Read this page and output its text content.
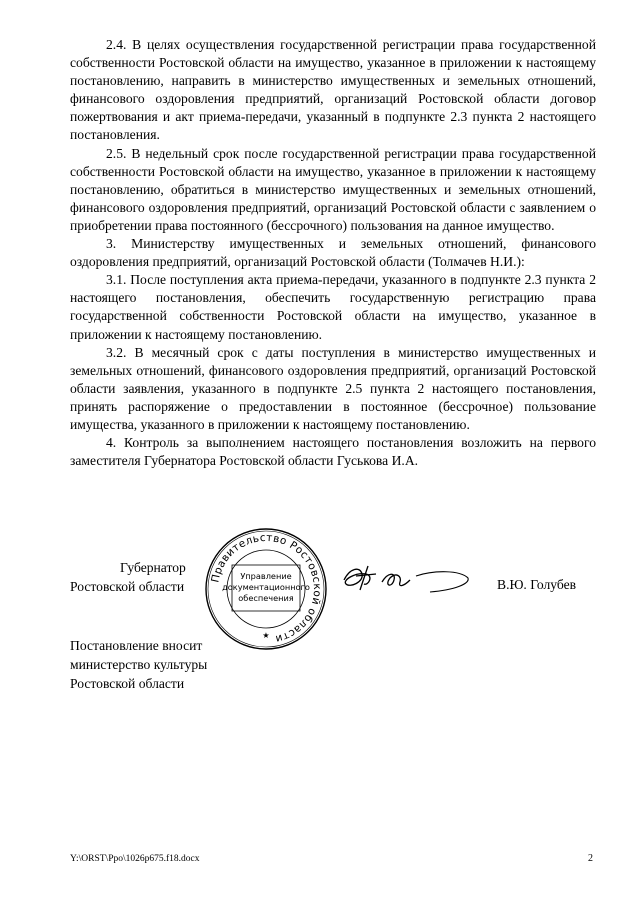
2.4. В целях осуществления государственной регистрации права государственной собственности Ростовской области на имущество, указанное в приложении к настоящему постановлению, направить в министерство имущественных и земельных отношений, финансового оздоровления предприятий, организаций Ростовской области договор пожертвования и акт приема-передачи, указанный в подпункте 2.3 пункта 2 настоящего постановления.

2.5. В недельный срок после государственной регистрации права государственной собственности Ростовской области на имущество, указанное в приложении к настоящему постановлению, обратиться в министерство имущественных и земельных отношений, финансового оздоровления предприятий, организаций Ростовской области с заявлением о приобретении права постоянного (бессрочного) пользования на данное имущество.

3. Министерству имущественных и земельных отношений, финансового оздоровления предприятий, организаций Ростовской области (Толмачев Н.И.):

3.1. После поступления акта приема-передачи, указанного в подпункте 2.3 пункта 2 настоящего постановления, обеспечить государственную регистрацию права государственной собственности Ростовской области на имущество, указанное в приложении к настоящему постановлению.

3.2. В месячный срок с даты поступления в министерство имущественных и земельных отношений, финансового оздоровления предприятий, организаций Ростовской области заявления, указанного в подпункте 2.5 пункта 2 настоящего постановления, принять распоряжение о предоставлении в постоянное (бессрочное) пользование имущества, указанного в приложении к настоящему постановлению.

4. Контроль за выполнением настоящего постановления возложить на первого заместителя Губернатора Ростовской области Гуськова И.А.

Губернатор
Ростовской области
Правительство Ростовской области
Управление
документационного
обеспечения
★
В.Ю. Голубев
Постановление вносит
министерство культуры
Ростовской области
Y:\ORST\Ppo\1026p675.f18.docx	2
